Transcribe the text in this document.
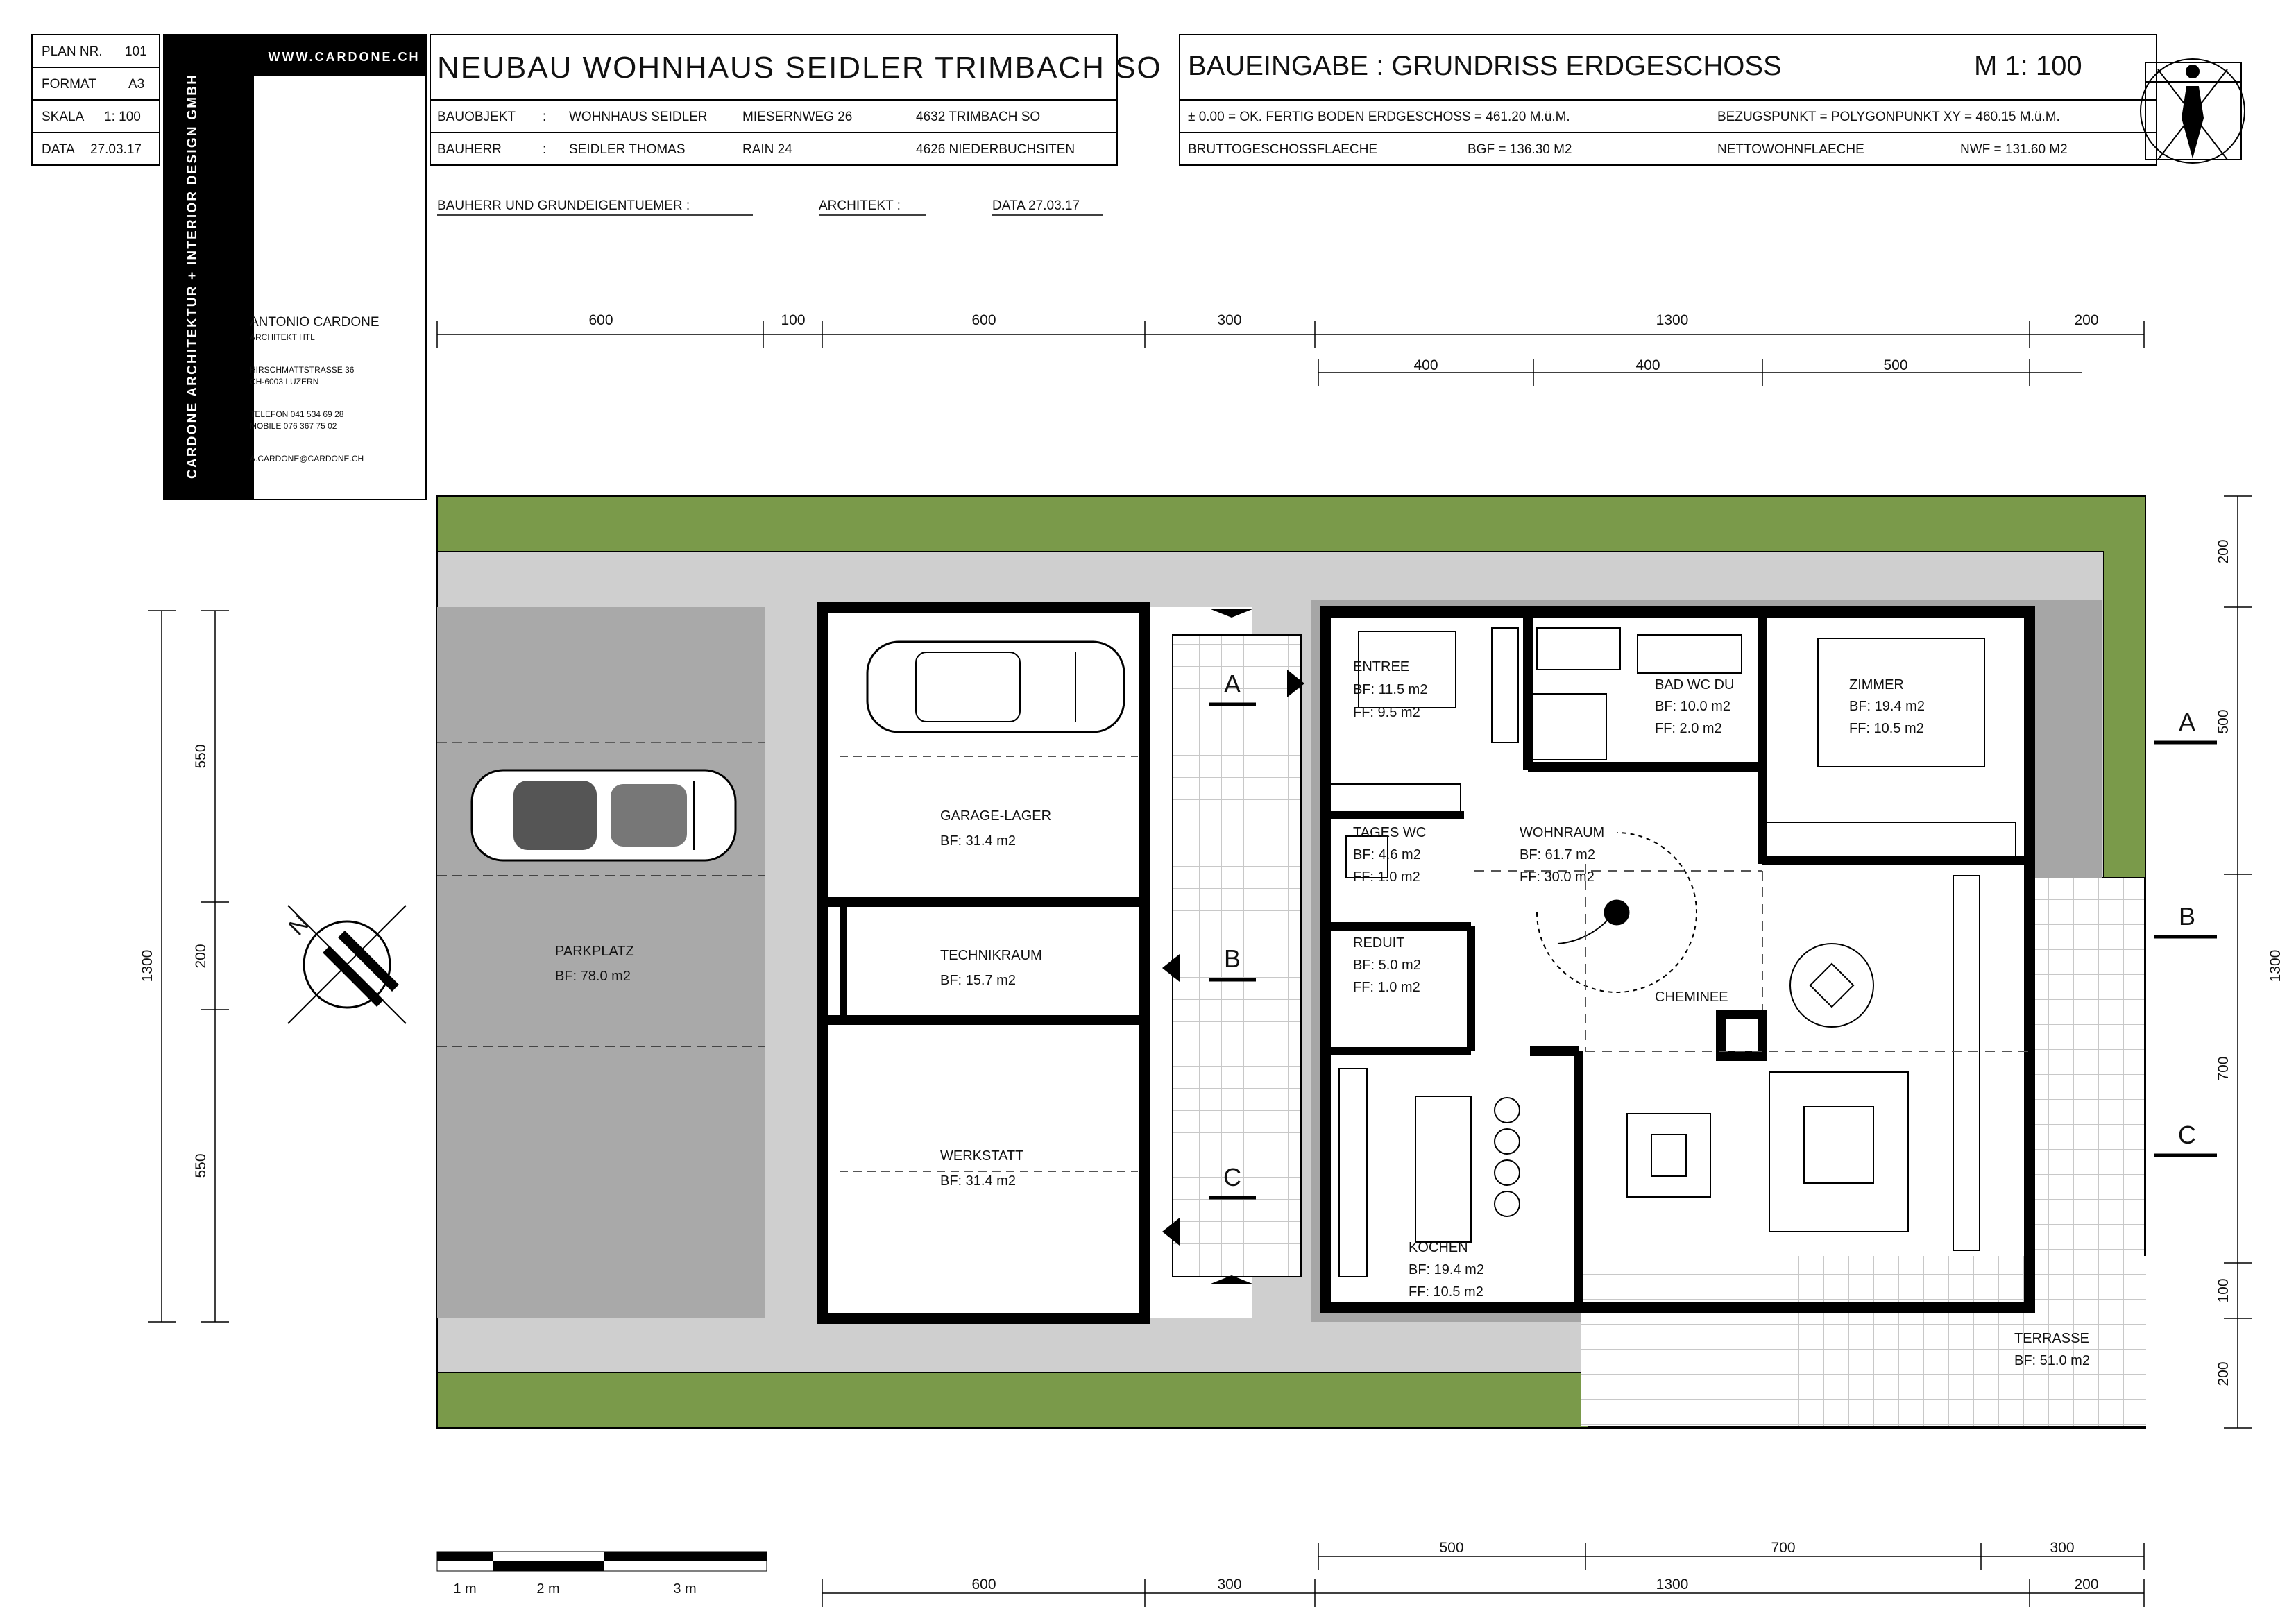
PLAN NR. 101
FORMAT A3
SKALA 1: 100
DATA 27.03.17
WWW.CARDONE.CH
CARDONE ARCHITEKTUR + INTERIOR DESIGN GMBH	ANTONIO CARDONE
ARCHITEKT HTL
HIRSCHMATTSTRASSE 36
CH-6003 LUZERN
TELEFON 041 534 69 28
MOBILE 076 367 75 02
A.CARDONE@CARDONE.CH
NEUBAU WOHNHAUS SEIDLER TRIMBACH SO
BAUOBJEKT : WOHNHAUS SEIDLER	MIESERNWEG 26	4632 TRIMBACH SO
BAUHERR	: SEIDLER THOMAS	RAIN 24	4626 NIEDERBUCHSITEN
BAUHERR UND GRUNDEIGENTUEMER :	ARCHITEKT :	DATA 27.03.17
BAUEINGABE : GRUNDRISS ERDGESCHOSS	M 1: 100
± 0.00 = OK. FERTIG BODEN ERDGESCHOSS = 461.20 M.ü.M.	BEZUGSPUNKT = POLYGONPUNKT XY = 460.15 M.ü.M.
BRUTTOGESCHOSSFLAECHE	BGF = 136.30 M2	NETTOWOHNFLAECHE	NWF = 131.60 M2
A
B
C
A
B
C
PARKPLATZ
BF: 78.0 m2
GARAGE-LAGER
BF: 31.4 m2
TECHNIKRAUM
BF: 15.7 m2
WERKSTATT
BF: 31.4 m2
ENTREE
BF: 11.5 m2
FF: 9.5 m2
BAD WC DU
BF: 10.0 m2
FF: 2.0 m2
ZIMMER
BF: 19.4 m2
FF: 10.5 m2
TAGES WC
BF: 4.6 m2
FF: 1.0 m2
WOHNRAUM
BF: 61.7 m2
FF: 30.0 m2
REDUIT
BF: 5.0 m2
FF: 1.0 m2
CHEMINEE
KOCHEN
BF: 19.4 m2
FF: 10.5 m2
TERRASSE
BF: 51.0 m2
600	100	600	300	1300	200
400	400	500
500	700	300
600	300	1300	200
550
200
550
1300
200
500
1300
700
100
200
N
1 m	2 m	3 m
